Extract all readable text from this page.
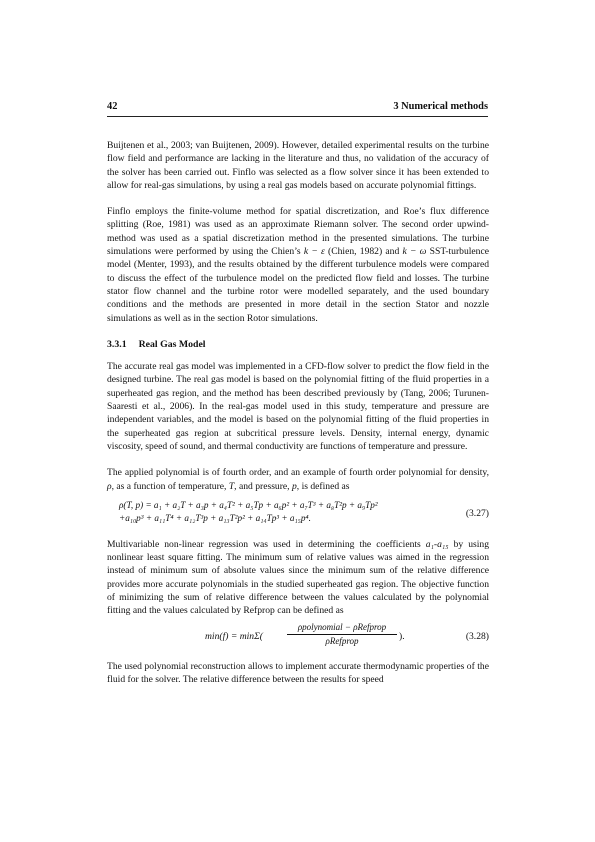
42	3 Numerical methods

Buijtenen et al., 2003; van Buijtenen, 2009). However, detailed experimental results on the turbine flow field and performance are lacking in the literature and thus, no validation of the accuracy of the solver has been carried out. Finflo was selected as a flow solver since it has been extended to allow for real-gas simulations, by using a real gas models based on accurate polynomial fittings.

Finflo employs the finite-volume method for spatial discretization, and Roe’s flux difference splitting (Roe, 1981) was used as an approximate Riemann solver. The second order upwind-method was used as a spatial discretization method in the presented simulations. The turbine simulations were performed by using the Chien’s k − ε (Chien, 1982) and k − ω SST-turbulence model (Menter, 1993), and the results obtained by the different turbulence models were compared to discuss the effect of the turbulence model on the predicted flow field and losses. The turbine stator flow channel and the turbine rotor were modelled separately, and the used boundary conditions and the methods are presented in more detail in the section Stator and nozzle simulations as well as in the section Rotor simulations.

3.3.1 Real Gas Model

The accurate real gas model was implemented in a CFD-flow solver to predict the flow field in the designed turbine. The real gas model is based on the polynomial fitting of the fluid properties in a superheated gas region, and the method has been described previously by (Tang, 2006; Turunen-Saaresti et al., 2006). In the real-gas model used in this study, temperature and pressure are independent variables, and the model is based on the polynomial fitting of the fluid properties in the superheated gas region at subcritical pressure levels. Density, internal energy, dynamic viscosity, speed of sound, and thermal conductivity are functions of temperature and pressure.

The applied polynomial is of fourth order, and an example of fourth order polynomial for density, ρ, as a function of temperature, T, and pressure, p, is defined as

ρ(T, p) = a₁ + a₂T + a₃p + a₄T² + a₅Tp + a₆p² + a₇T³ + a₈T²p + a₉Tp²
+a₁₀p³ + a₁₁T⁴ + a₁₂T³p + a₁₃T²p² + a₁₄Tp³ + a₁₅p⁴.	(3.27)

Multivariable non-linear regression was used in determining the coefficients a₁-a₁₅ by using nonlinear least square fitting. The minimum sum of relative values was aimed in the regression instead of minimum sum of absolute values since the minimum sum of the relative difference provides more accurate polynomials in the studied superheated gas region. The objective function of minimizing the sum of relative difference between the values calculated by the polynomial fitting and the values calculated by Refprop can be defined as

min(f) = minΣ(
ρpolynomial − ρRefprop
ρRefprop	).	(3.28)

The used polynomial reconstruction allows to implement accurate thermodynamic properties of the fluid for the solver. The relative difference between the results for speed
